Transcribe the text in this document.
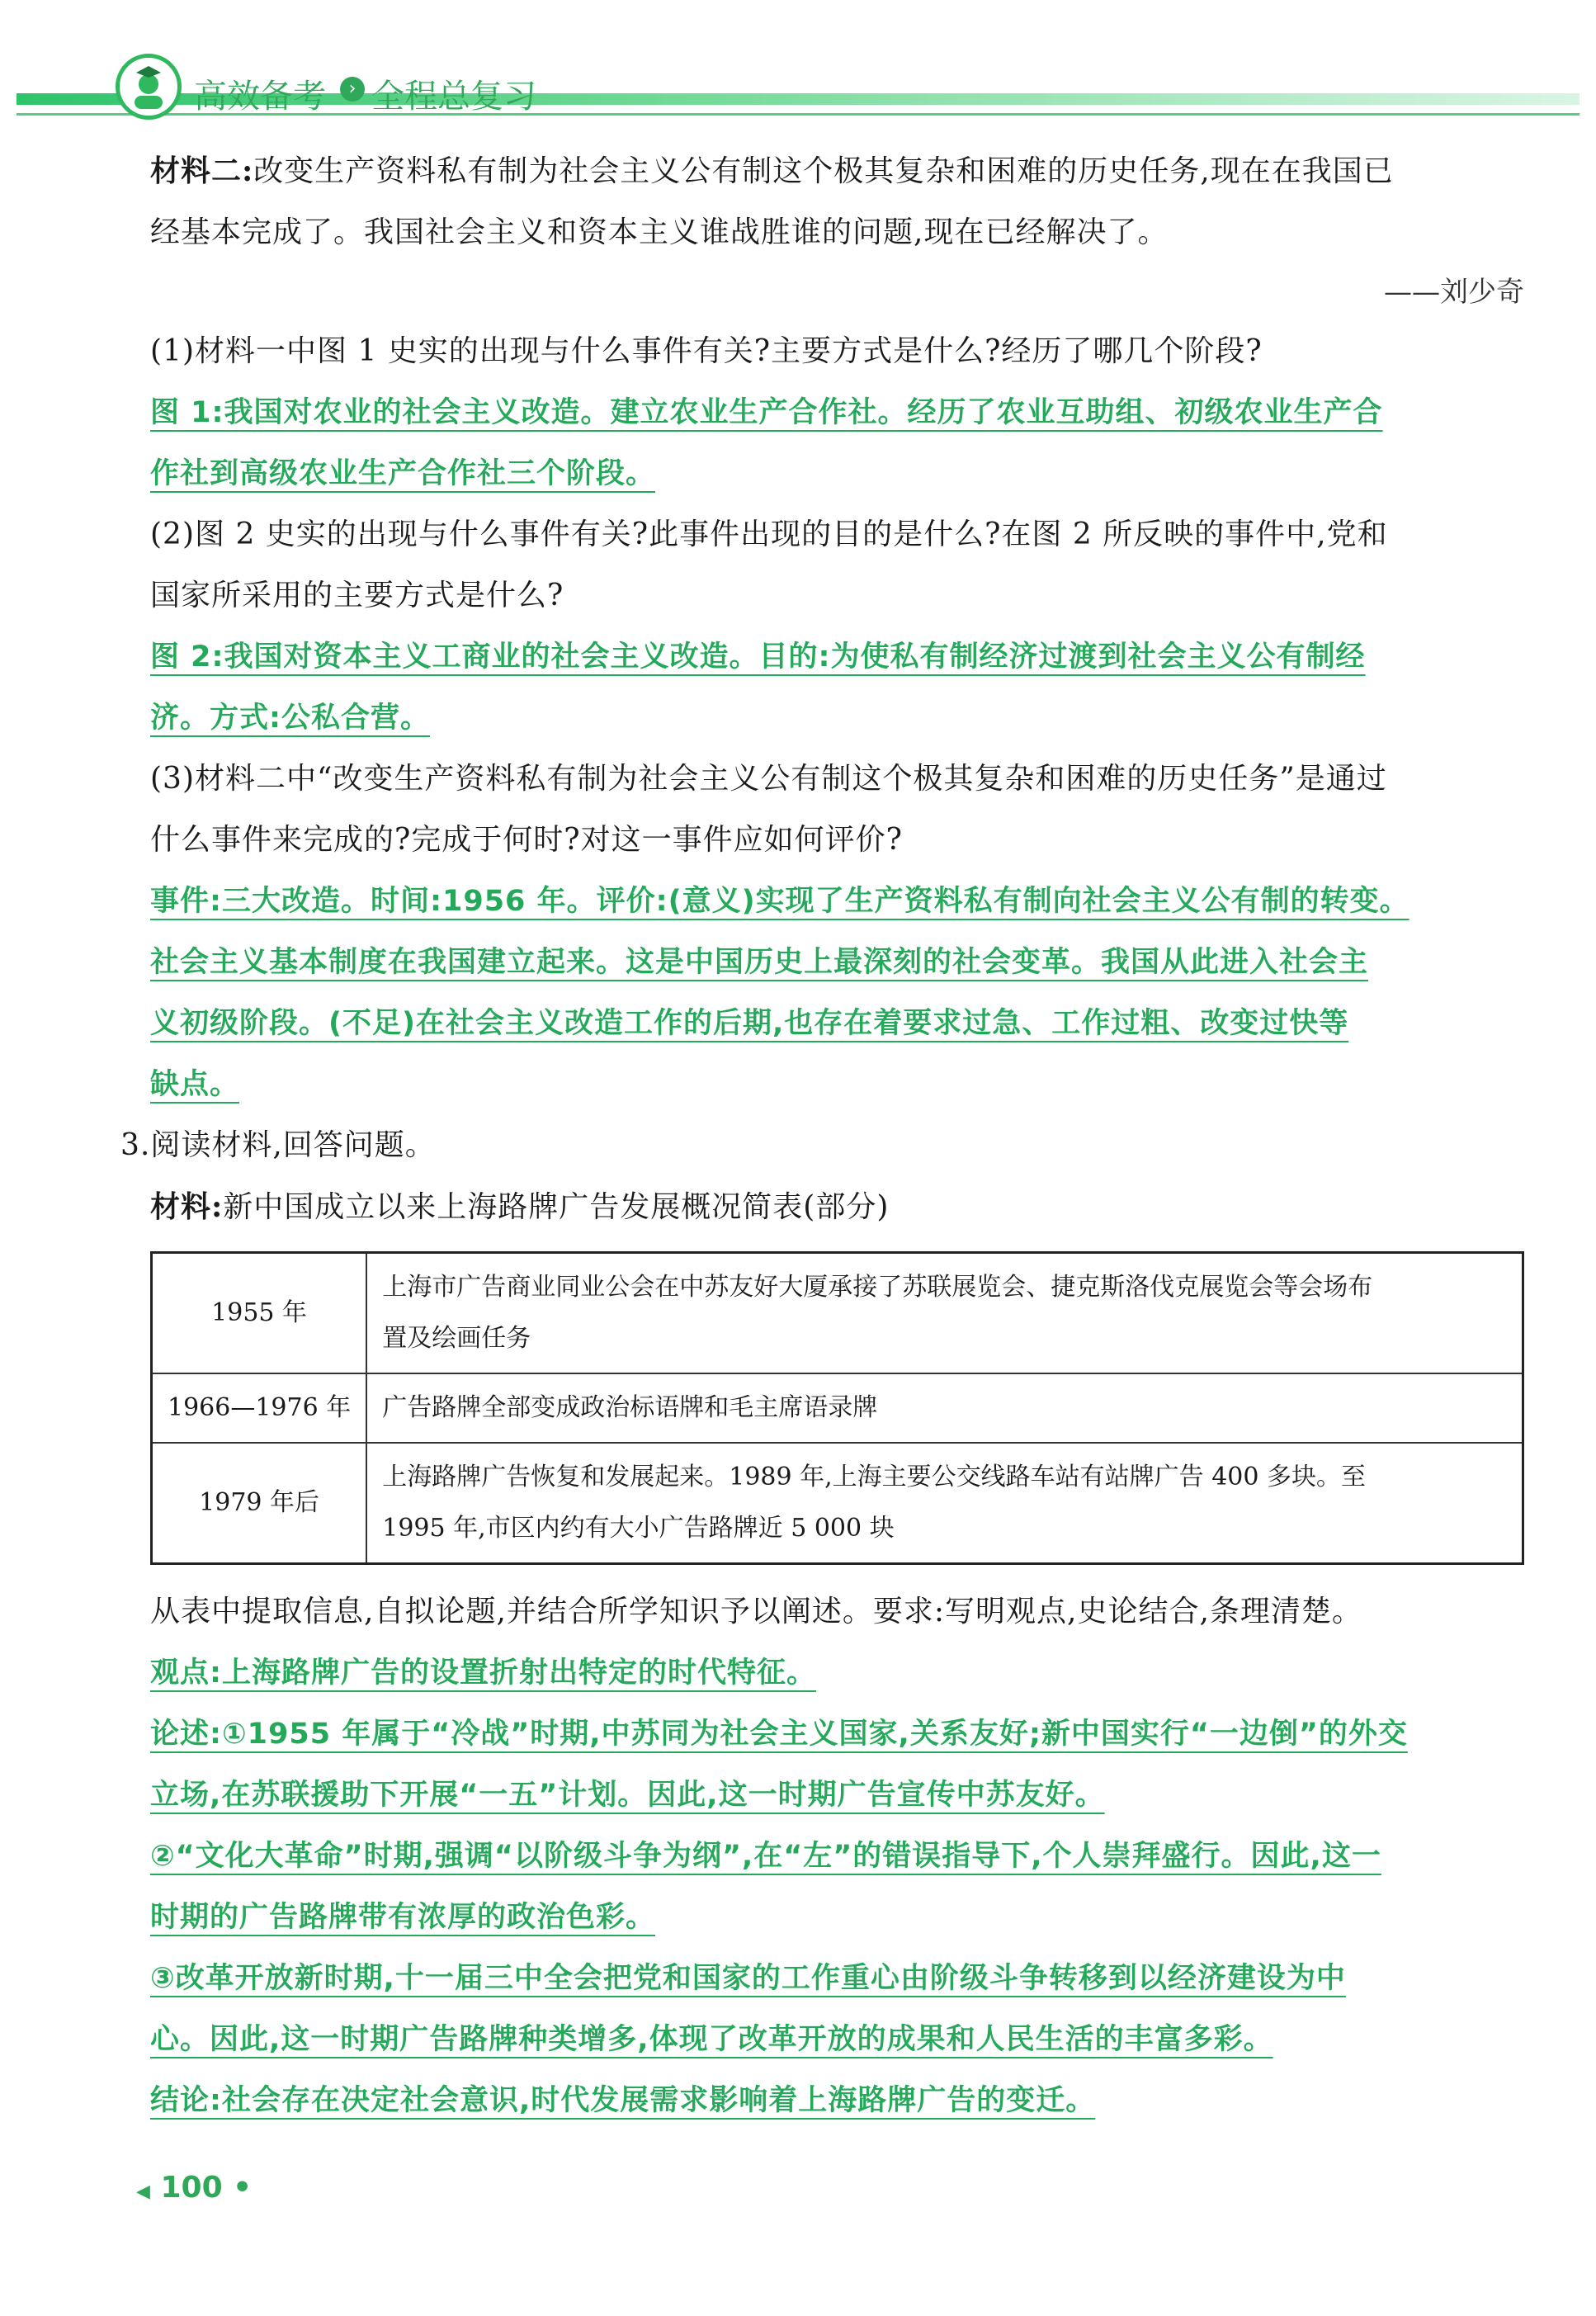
高效备考	› 全程总复习

材料二:改变生产资料私有制为社会主义公有制这个极其复杂和困难的历史任务,现在在我国已

经基本完成了。我国社会主义和资本主义谁战胜谁的问题,现在已经解决了。

——刘少奇

(1)材料一中图 1 史实的出现与什么事件有关?主要方式是什么?经历了哪几个阶段?

图 1:我国对农业的社会主义改造。建立农业生产合作社。经历了农业互助组、初级农业生产合

作社到高级农业生产合作社三个阶段。

(2)图 2 史实的出现与什么事件有关?此事件出现的目的是什么?在图 2 所反映的事件中,党和

国家所采用的主要方式是什么?

图 2:我国对资本主义工商业的社会主义改造。目的:为使私有制经济过渡到社会主义公有制经

济。方式:公私合营。

(3)材料二中“改变生产资料私有制为社会主义公有制这个极其复杂和困难的历史任务”是通过

什么事件来完成的?完成于何时?对这一事件应如何评价?

事件:三大改造。时间:1956 年。评价:(意义)实现了生产资料私有制向社会主义公有制的转变。

社会主义基本制度在我国建立起来。这是中国历史上最深刻的社会变革。我国从此进入社会主

义初级阶段。(不足)在社会主义改造工作的后期,也存在着要求过急、工作过粗、改变过快等

缺点。

3.阅读材料,回答问题。

材料:新中国成立以来上海路牌广告发展概况简表(部分)

1955 年	上海市广告商业同业公会在中苏友好大厦承接了苏联展览会、捷克斯洛伐克展览会等会场布
置及绘画任务

1966—1976 年	广告路牌全部变成政治标语牌和毛主席语录牌

1979 年后	上海路牌广告恢复和发展起来。1989 年,上海主要公交线路车站有站牌广告 400 多块。至
1995 年,市区内约有大小广告路牌近 5 000 块

从表中提取信息,自拟论题,并结合所学知识予以阐述。要求:写明观点,史论结合,条理清楚。

观点:上海路牌广告的设置折射出特定的时代特征。

论述:①1955 年属于“冷战”时期,中苏同为社会主义国家,关系友好;新中国实行“一边倒”的外交

立场,在苏联援助下开展“一五”计划。因此,这一时期广告宣传中苏友好。

②“文化大革命”时期,强调“以阶级斗争为纲”,在“左”的错误指导下,个人崇拜盛行。因此,这一

时期的广告路牌带有浓厚的政治色彩。

③改革开放新时期,十一届三中全会把党和国家的工作重心由阶级斗争转移到以经济建设为中

心。因此,这一时期广告路牌种类增多,体现了改革开放的成果和人民生活的丰富多彩。

结论:社会存在决定社会意识,时代发展需求影响着上海路牌广告的变迁。

◀ 100 •
